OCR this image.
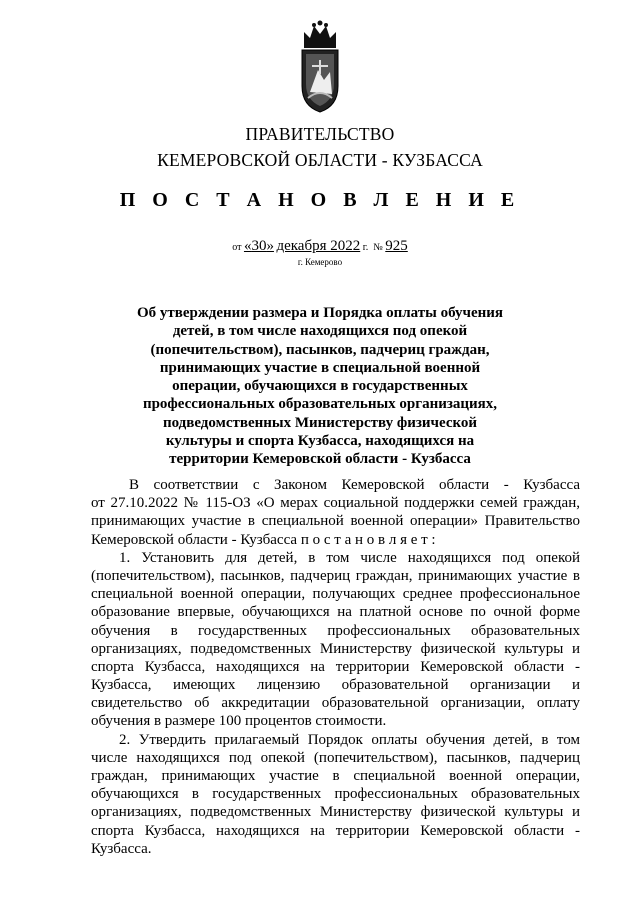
ПРАВИТЕЛЬСТВО
КЕМЕРОВСКОЙ ОБЛАСТИ - КУЗБАССА
П О С Т А Н О В Л Е Н И Е
от «30» декабря 2022 г. № 925
г. Кемерово
Об утверждении размера и Порядка оплаты обучения
детей, в том числе находящихся под опекой
(попечительством), пасынков, падчериц граждан,
принимающих участие в специальной военной
операции, обучающихся в государственных
профессиональных образовательных организациях,
подведомственных Министерству физической
культуры и спорта Кузбасса, находящихся на
территории Кемеровской области - Кузбасса
В соответствии с Законом Кемеровской области - Кузбасса
от 27.10.2022 № 115-ОЗ «О мерах социальной поддержки семей граждан,
принимающих участие в специальной военной операции» Правительство
Кемеровской области - Кузбасса п о с т а н о в л я е т :
1. Установить для детей, в том числе находящихся под опекой
(попечительством), пасынков, падчериц граждан, принимающих участие в
специальной военной операции, получающих среднее профессиональное
образование впервые, обучающихся на платной основе по очной форме
обучения в государственных профессиональных образовательных
организациях, подведомственных Министерству физической культуры и
спорта Кузбасса, находящихся на территории Кемеровской области -
Кузбасса, имеющих лицензию образовательной организации и
свидетельство об аккредитации образовательной организации, оплату
обучения в размере 100 процентов стоимости.
2. Утвердить прилагаемый Порядок оплаты обучения детей, в том
числе находящихся под опекой (попечительством), пасынков, падчериц
граждан, принимающих участие в специальной военной операции,
обучающихся в государственных профессиональных образовательных
организациях, подведомственных Министерству физической культуры и
спорта Кузбасса, находящихся на территории Кемеровской области -
Кузбасса.
